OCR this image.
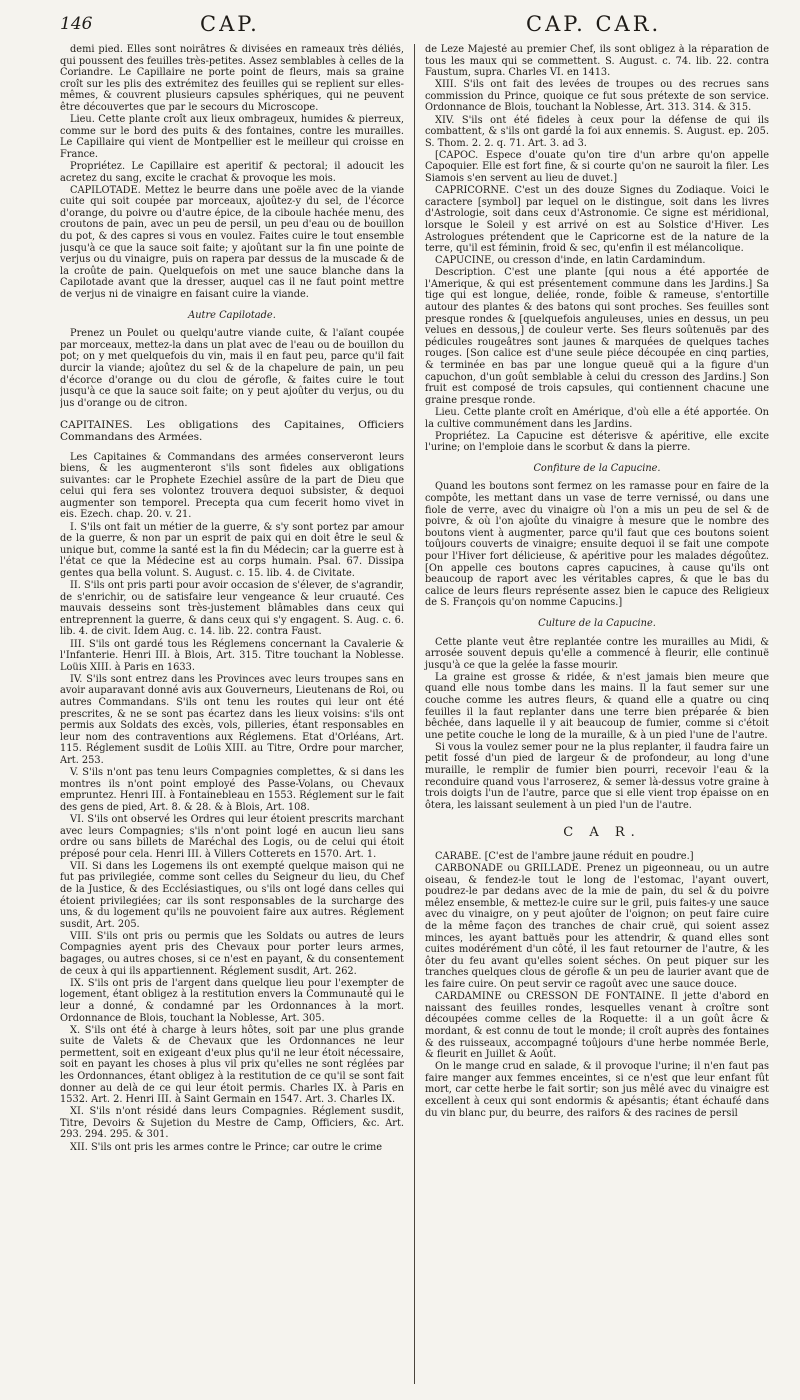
146	CAP.	CAP. CAR.

demi pied. Elles sont noirâtres & divisées en rameaux très déliés, qui poussent des feuilles très-petites. Assez semblables à celles de la Coriandre. Le Capillaire ne porte point de fleurs, mais sa graine croît sur les plis des extrémitez des feuilles qui se replient sur elles-mêmes, & couvrent plusieurs capsules sphériques, qui ne peuvent être découvertes que par le secours du Microscope.

Lieu. Cette plante croît aux lieux ombrageux, humides & pierreux, comme sur le bord des puits & des fontaines, contre les murailles. Le Capillaire qui vient de Montpellier est le meilleur qui croisse en France.

Propriétez. Le Capillaire est aperitif & pectoral; il adoucit les acretez du sang, excite le crachat & provoque les mois.

CAPILOTADE. Mettez le beurre dans une poële avec de la viande cuite qui soit coupée par morceaux, ajoûtez-y du sel, de l'écorce d'orange, du poivre ou d'autre épice, de la ciboule hachée menu, des croutons de pain, avec un peu de persil, un peu d'eau ou de bouillon du pot, & des capres si vous en voulez. Faites cuire le tout ensemble jusqu'à ce que la sauce soit faite; y ajoûtant sur la fin une pointe de verjus ou du vinaigre, puis on rapera par dessus de la muscade & de la croûte de pain. Quelquefois on met une sauce blanche dans la Capilotade avant que la dresser, auquel cas il ne faut point mettre de verjus ni de vinaigre en faisant cuire la viande.

Autre Capilotade.

Prenez un Poulet ou quelqu'autre viande cuite, & l'aïant coupée par morceaux, mettez-la dans un plat avec de l'eau ou de bouillon du pot; on y met quelquefois du vin, mais il en faut peu, parce qu'il fait durcir la viande; ajoûtez du sel & de la chapelure de pain, un peu d'écorce d'orange ou du clou de gérofle, & faites cuire le tout jusqu'à ce que la sauce soit faite; on y peut ajoûter du verjus, ou du jus d'orange ou de citron.

CAPITAINES. Les obligations des Capitaines, Officiers Commandans des Armées.

Les Capitaines & Commandans des armées conserveront leurs biens, & les augmenteront s'ils sont fideles aux obligations suivantes: car le Prophete Ezechiel assûre de la part de Dieu que celui qui fera ses volontez trouvera dequoi subsister, & dequoi augmenter son temporel. Precepta qua cum fecerit homo vivet in eis. Ezech. chap. 20. v. 21.

I. S'ils ont fait un métier de la guerre, & s'y sont portez par amour de la guerre, & non par un esprit de paix qui en doit être le seul & unique but, comme la santé est la fin du Médecin; car la guerre est à l'état ce que la Médecine est au corps humain. Psal. 67. Dissipa gentes qua bella volunt. S. August. c. 15. lib. 4. de Civitate.

II. S'ils ont pris parti pour avoir occasion de s'élever, de s'agrandir, de s'enrichir, ou de satisfaire leur vengeance & leur cruauté. Ces mauvais desseins sont très-justement blâmables dans ceux qui entreprennent la guerre, & dans ceux qui s'y engagent. S. Aug. c. 6. lib. 4. de civit. Idem Aug. c. 14. lib. 22. contra Faust.

III. S'ils ont gardé tous les Réglemens concernant la Cavalerie & l'Infanterie. Henri III. à Blois, Art. 315. Titre touchant la Noblesse. Loüis XIII. à Paris en 1633.

IV. S'ils sont entrez dans les Provinces avec leurs troupes sans en avoir auparavant donné avis aux Gouverneurs, Lieutenans de Roi, ou autres Commandans. S'ils ont tenu les routes qui leur ont été prescrites, & ne se sont pas écartez dans les lieux voisins: s'ils ont permis aux Soldats des excès, vols, pilleries, étant responsables en leur nom des contraventions aux Réglemens. Etat d'Orléans, Art. 115. Réglement susdit de Loüis XIII. au Titre, Ordre pour marcher, Art. 253.

V. S'ils n'ont pas tenu leurs Compagnies complettes, & si dans les montres ils n'ont point employé des Passe-Volans, ou Chevaux empruntez. Henri III. à Fontainebleau en 1553. Réglement sur le fait des gens de pied, Art. 8. & 28. & à Blois, Art. 108.

VI. S'ils ont observé les Ordres qui leur étoient prescrits marchant avec leurs Compagnies; s'ils n'ont point logé en aucun lieu sans ordre ou sans billets de Maréchal des Logis, ou de celui qui étoit préposé pour cela. Henri III. à Villers Cotterets en 1570. Art. 1.

VII. Si dans les Logemens ils ont exempté quelque maison qui ne fut pas privilegiée, comme sont celles du Seigneur du lieu, du Chef de la Justice, & des Ecclésiastiques, ou s'ils ont logé dans celles qui étoient privilegiées; car ils sont responsables de la surcharge des uns, & du logement qu'ils ne pouvoient faire aux autres. Réglement susdit, Art. 205.

VIII. S'ils ont pris ou permis que les Soldats ou autres de leurs Compagnies ayent pris des Chevaux pour porter leurs armes, bagages, ou autres choses, si ce n'est en payant, & du consentement de ceux à qui ils appartiennent. Réglement susdit, Art. 262.

IX. S'ils ont pris de l'argent dans quelque lieu pour l'exempter de logement, étant obligez à la restitution envers la Communauté qui le leur a donné, & condamné par les Ordonnances à la mort. Ordonnance de Blois, touchant la Noblesse, Art. 305.

X. S'ils ont été à charge à leurs hôtes, soit par une plus grande suite de Valets & de Chevaux que les Ordonnances ne leur permettent, soit en exigeant d'eux plus qu'il ne leur étoit nécessaire, soit en payant les choses à plus vil prix qu'elles ne sont réglées par les Ordonnances, étant obligez à la restitution de ce qu'il se sont fait donner au delà de ce qui leur étoit permis. Charles IX. à Paris en 1532. Art. 2. Henri III. à Saint Germain en 1547. Art. 3. Charles IX.

XI. S'ils n'ont résidé dans leurs Compagnies. Réglement susdit, Titre, Devoirs & Sujetion du Mestre de Camp, Officiers, &c. Art. 293. 294. 295. & 301.

XII. S'ils ont pris les armes contre le Prince; car outre le crime

de Leze Majesté au premier Chef, ils sont obligez à la réparation de tous les maux qui se commettent. S. August. c. 74. lib. 22. contra Faustum, supra. Charles VI. en 1413.

XIII. S'ils ont fait des levées de troupes ou des recrues sans commission du Prince, quoique ce fut sous prétexte de son service. Ordonnance de Blois, touchant la Noblesse, Art. 313. 314. & 315.

XIV. S'ils ont été fideles à ceux pour la défense de qui ils combattent, & s'ils ont gardé la foi aux ennemis. S. August. ep. 205. S. Thom. 2. 2. q. 71. Art. 3. ad 3.

[CAPOC. Espece d'ouate qu'on tire d'un arbre qu'on appelle Capoquier. Elle est fort fine, & si courte qu'on ne sauroit la filer. Les Siamois s'en servent au lieu de duvet.]

CAPRICORNE. C'est un des douze Signes du Zodiaque. Voici le caractere [symbol] par lequel on le distingue, soit dans les livres d'Astrologie, soit dans ceux d'Astronomie. Ce signe est méridional, lorsque le Soleil y est arrivé on est au Solstice d'Hiver. Les Astrologues prétendent que le Capricorne est de la nature de la terre, qu'il est féminin, froid & sec, qu'enfin il est mélancolique.

CAPUCINE, ou cresson d'inde, en latin Cardamindum.

Description. C'est une plante [qui nous a été apportée de l'Amerique, & qui est présentement commune dans les Jardins.] Sa tige qui est longue, deliée, ronde, foible & rameuse, s'entortille autour des plantes & des batons qui sont proches. Ses feuilles sont presque rondes & [quelquefois anguleuses, unies en dessus, un peu velues en dessous,] de couleur verte. Ses fleurs soûtenuës par des pédicules rougeâtres sont jaunes & marquées de quelques taches rouges. [Son calice est d'une seule piéce découpée en cinq parties, & terminée en bas par une longue queuë qui a la figure d'un capuchon, d'un goût semblable à celui du cresson des Jardins.] Son fruit est composé de trois capsules, qui contiennent chacune une graine presque ronde.

Lieu. Cette plante croît en Amérique, d'où elle a été apportée. On la cultive communément dans les Jardins.

Propriétez. La Capucine est déterisve & apéritive, elle excite l'urine; on l'emploie dans le scorbut & dans la pierre.

Confiture de la Capucine.

Quand les boutons sont fermez on les ramasse pour en faire de la compôte, les mettant dans un vase de terre vernissé, ou dans une fiole de verre, avec du vinaigre où l'on a mis un peu de sel & de poivre, & où l'on ajoûte du vinaigre à mesure que le nombre des boutons vient à augmenter, parce qu'il faut que ces boutons soient toûjours couverts de vinaigre; ensuite dequoi il se fait une compote pour l'Hiver fort délicieuse, & apéritive pour les malades dégoûtez. [On appelle ces boutons capres capucines, à cause qu'ils ont beaucoup de raport avec les véritables capres, & que le bas du calice de leurs fleurs représente assez bien le capuce des Religieux de S. François qu'on nomme Capucins.]

Culture de la Capucine.

Cette plante veut être replantée contre les murailles au Midi, & arrosée souvent depuis qu'elle a commencé à fleurir, elle continuë jusqu'à ce que la gelée la fasse mourir.

La graine est grosse & ridée, & n'est jamais bien meure que quand elle nous tombe dans les mains. Il la faut semer sur une couche comme les autres fleurs, & quand elle a quatre ou cinq feuilles il la faut replanter dans une terre bien préparée & bien bêchée, dans laquelle il y ait beaucoup de fumier, comme si c'étoit une petite couche le long de la muraille, & à un pied l'une de l'autre.

Si vous la voulez semer pour ne la plus replanter, il faudra faire un petit fossé d'un pied de largeur & de profondeur, au long d'une muraille, le remplir de fumier bien pourri, recevoir l'eau & la reconduire quand vous l'arroserez, & semer là-dessus votre graine à trois doigts l'un de l'autre, parce que si elle vient trop épaisse on en ôtera, les laissant seulement à un pied l'un de l'autre.

C A R.

CARABE. [C'est de l'ambre jaune réduit en poudre.]

CARBONADE ou GRILLADE. Prenez un pigeonneau, ou un autre oiseau, & fendez-le tout le long de l'estomac, l'ayant ouvert, poudrez-le par dedans avec de la mie de pain, du sel & du poivre mêlez ensemble, & mettez-le cuire sur le gril, puis faites-y une sauce avec du vinaigre, on y peut ajoûter de l'oignon; on peut faire cuire de la même façon des tranches de chair cruë, qui soient assez minces, les ayant battuës pour les attendrir, & quand elles sont cuites modérément d'un côté, il les faut retourner de l'autre, & les ôter du feu avant qu'elles soient séches. On peut piquer sur les tranches quelques clous de gérofle & un peu de laurier avant que de les faire cuire. On peut servir ce ragoût avec une sauce douce.

CARDAMINE ou CRESSON DE FONTAINE. Il jette d'abord en naissant des feuilles rondes, lesquelles venant à croître sont découpées comme celles de la Roquette: il a un goût âcre & mordant, & est connu de tout le monde; il croît auprès des fontaines & des ruisseaux, accompagné toûjours d'une herbe nommée Berle, & fleurit en Juillet & Août.

On le mange crud en salade, & il provoque l'urine; il n'en faut pas faire manger aux femmes enceintes, si ce n'est que leur enfant fût mort, car cette herbe le fait sortir; son jus mêlé avec du vinaigre est excellent à ceux qui sont endormis & apésantis; étant échaufé dans du vin blanc pur, du beurre, des raifors & des racines de persil
